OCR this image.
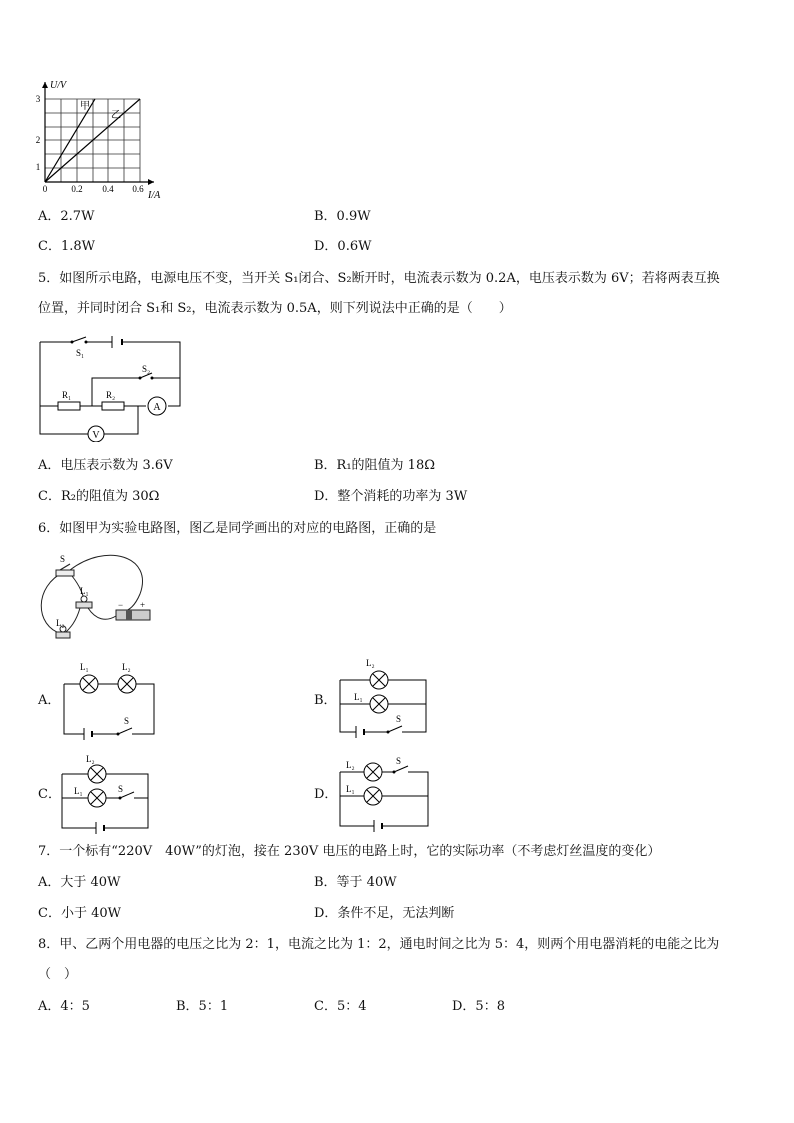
U/V
I/A
1
2
3
0	0.2 0.4 0.6
甲
乙
A．2.7W	B．0.9W
C．1.8W	D．0.6W
5．如图所示电路，电源电压不变，当开关 S₁闭合、S₂断开时，电流表示数为 0.2A，电压表示数为 6V；若将两表互换
位置，并同时闭合 S₁和 S₂，电流表示数为 0.5A，则下列说法中正确的是（　　）
S₁
S₂
R₁	R₂
A
V
A．电压表示数为 3.6V	B．R₁的阻值为 18Ω
C．R₂的阻值为 30Ω	D．整个消耗的功率为 3W
6．如图甲为实验电路图，图乙是同学画出的对应的电路图，正确的是
S
L₁
L₂
− +
A．
L₁	L₂
S
B．
L₂
L₁
S
C．
L₂
L₁	S	D．
L₂
L₁
S
7．一个标有“220V　40W”的灯泡，接在 230V 电压的电路上时，它的实际功率（不考虑灯丝温度的变化）
A．大于 40W	B．等于 40W
C．小于 40W	D．条件不足，无法判断
8．甲、乙两个用电器的电压之比为 2：1，电流之比为 1：2，通电时间之比为 5：4，则两个用电器消耗的电能之比为
（　）
A．4：5	B．5：1	C．5：4	D．5：8
